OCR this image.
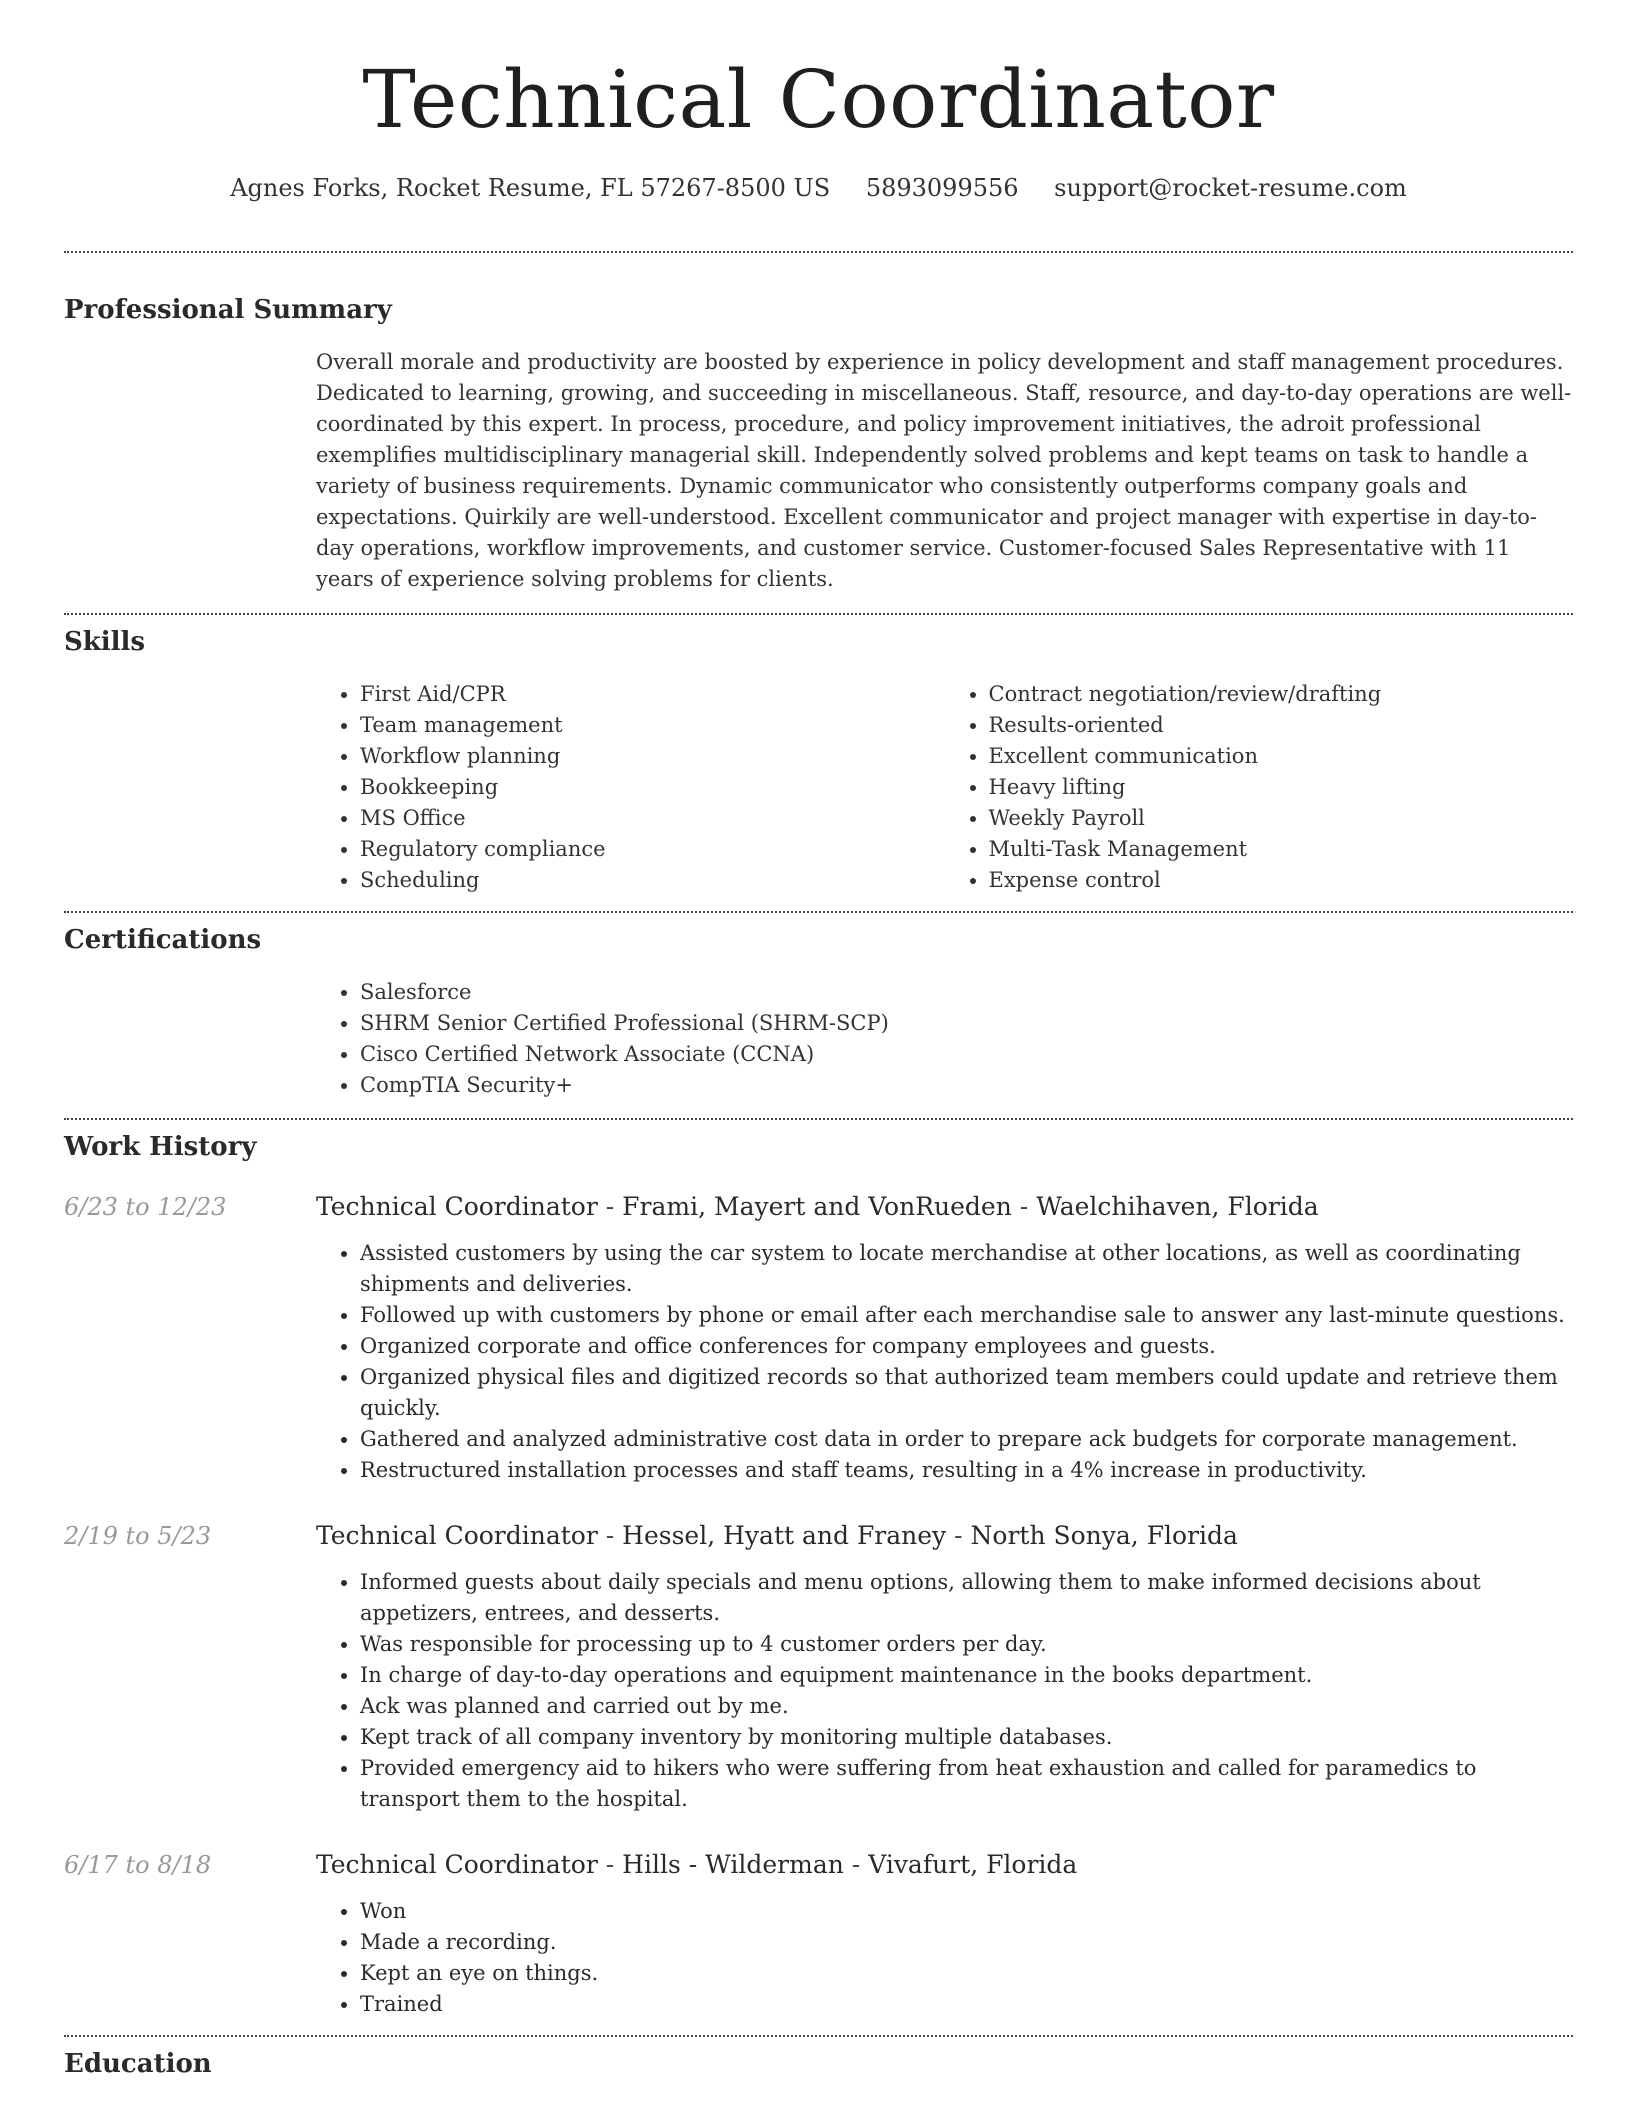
Technical Coordinator
Agnes Forks, Rocket Resume, FL 57267-8500 US 5893099556 support@rocket-resume.com
Professional Summary

Overall morale and productivity are boosted by experience in policy development and staff management procedures. Dedicated to learning, growing, and succeeding in miscellaneous. Staff, resource, and day-to-day operations are well-coordinated by this expert. In process, procedure, and policy improvement initiatives, the adroit professional exemplifies multidisciplinary managerial skill. Independently solved problems and kept teams on task to handle a variety of business requirements. Dynamic communicator who consistently outperforms company goals and expectations. Quirkily are well-understood. Excellent communicator and project manager with expertise in day-to-day operations, workflow improvements, and customer service. Customer-focused Sales Representative with 11 years of experience solving problems for clients.

Skills
• First Aid/CPR
• Team management
• Workflow planning
• Bookkeeping
• MS Office
• Regulatory compliance
• Scheduling
• Contract negotiation/review/drafting
• Results-oriented
• Excellent communication
• Heavy lifting
• Weekly Payroll
• Multi-Task Management
• Expense control
Certifications
• Salesforce
• SHRM Senior Certified Professional (SHRM-SCP)
• Cisco Certified Network Associate (CCNA)
• CompTIA Security+
Work History
6/23 to 12/23	Technical Coordinator - Frami, Mayert and VonRueden - Waelchihaven, Florida
• Assisted customers by using the car system to locate merchandise at other locations, as well as coordinating shipments and deliveries.
• Followed up with customers by phone or email after each merchandise sale to answer any last-minute questions.
• Organized corporate and office conferences for company employees and guests.
• Organized physical files and digitized records so that authorized team members could update and retrieve them quickly.
• Gathered and analyzed administrative cost data in order to prepare ack budgets for corporate management.
• Restructured installation processes and staff teams, resulting in a 4% increase in productivity.
2/19 to 5/23	Technical Coordinator - Hessel, Hyatt and Franey - North Sonya, Florida
• Informed guests about daily specials and menu options, allowing them to make informed decisions about appetizers, entrees, and desserts.
• Was responsible for processing up to 4 customer orders per day.
• In charge of day-to-day operations and equipment maintenance in the books department.
• Ack was planned and carried out by me.
• Kept track of all company inventory by monitoring multiple databases.
• Provided emergency aid to hikers who were suffering from heat exhaustion and called for paramedics to transport them to the hospital.
6/17 to 8/18	Technical Coordinator - Hills - Wilderman - Vivafurt, Florida
• Won
• Made a recording.
• Kept an eye on things.
• Trained
Education
